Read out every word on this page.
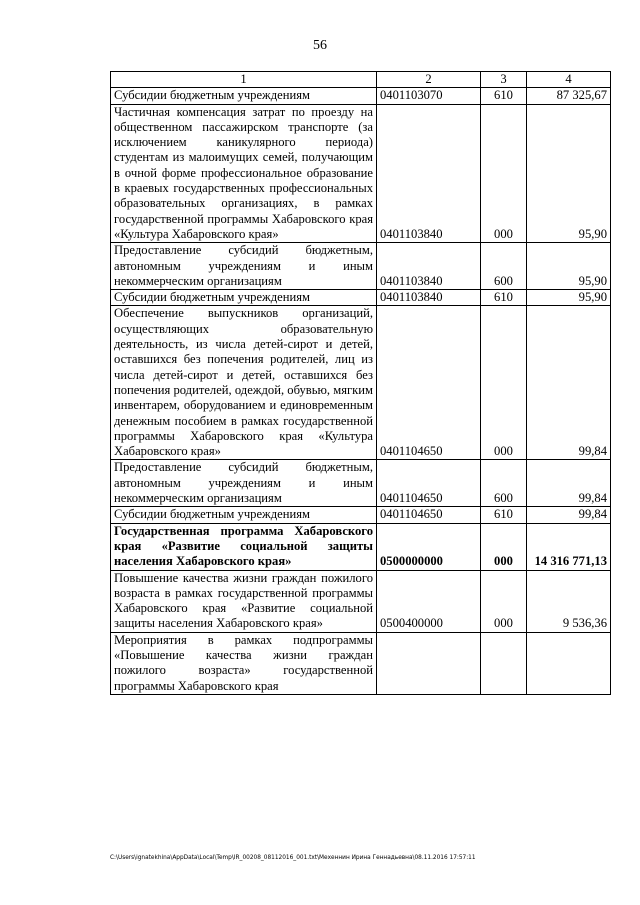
56
1	2	3	4
Субсидии бюджетным учреждениям	0401103070	610	87 325,67
Частичная компенсация затрат по проезду на общественном пассажирском транспорте (за исключением каникулярного периода) студентам из малоимущих семей, получающим в очной форме профессиональное образование в краевых государственных профессиональных образовательных организациях, в рамках государственной программы Хабаровского края «Культура Хабаровского края»	0401103840	000	95,90
Предоставление субсидий бюджетным, автономным учреждениям и иным некоммерческим организациям	0401103840	600	95,90
Субсидии бюджетным учреждениям	0401103840	610	95,90
Обеспечение выпускников организаций, осуществляющих образовательную деятельность, из числа детей-сирот и детей, оставшихся без попечения родителей, лиц из числа детей-сирот и детей, оставшихся без попечения родителей, одеждой, обувью, мягким инвентарем, оборудованием и единовременным денежным пособием в рамках государственной программы Хабаровского края «Культура Хабаровского края»	0401104650	000	99,84
Предоставление субсидий бюджетным, автономным учреждениям и иным некоммерческим организациям	0401104650	600	99,84
Субсидии бюджетным учреждениям	0401104650	610	99,84
Государственная программа Хабаровского края «Развитие социальной защиты населения Хабаровского края»	0500000000	000	14 316 771,13
Повышение качества жизни граждан пожилого возраста в рамках государственной программы Хабаровского края «Развитие социальной защиты населения Хабаровского края»	0500400000	000	9 536,36
Мероприятия в рамках подпрограммы «Повышение качества жизни граждан пожилого возраста» государственной программы Хабаровского края			
C:\Users\ignatekhina\AppData\Local\Temp\IR_00208_08112016_001.txt\Мехеннин Ирина Геннадьевна\08.11.2016 17:57:11
